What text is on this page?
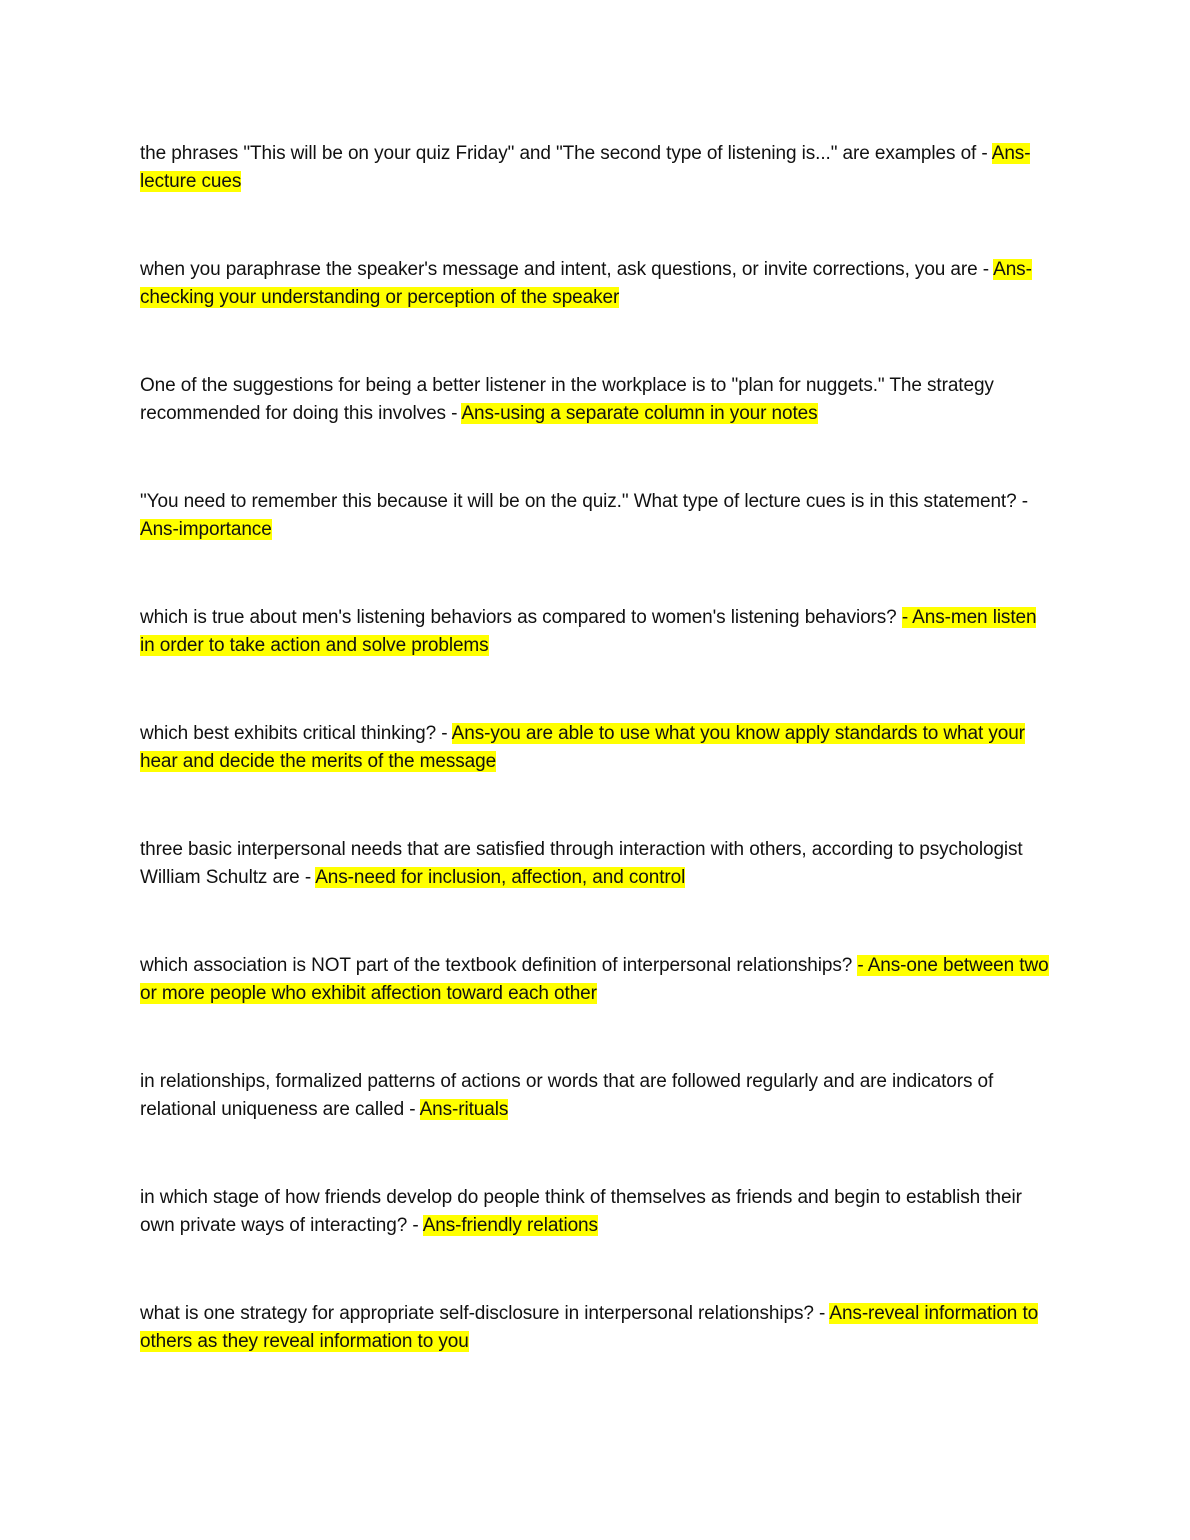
the phrases "This will be on your quiz Friday" and "The second type of listening is..." are examples of - Ans-lecture cues

when you paraphrase the speaker's message and intent, ask questions, or invite corrections, you are - Ans-checking your understanding or perception of the speaker

One of the suggestions for being a better listener in the workplace is to "plan for nuggets." The strategy recommended for doing this involves - Ans-using a separate column in your notes

"You need to remember this because it will be on the quiz." What type of lecture cues is in this statement? - Ans-importance

which is true about men's listening behaviors as compared to women's listening behaviors? - Ans-men listen in order to take action and solve problems

which best exhibits critical thinking? - Ans-you are able to use what you know apply standards to what your hear and decide the merits of the message

three basic interpersonal needs that are satisfied through interaction with others, according to psychologist William Schultz are - Ans-need for inclusion, affection, and control

which association is NOT part of the textbook definition of interpersonal relationships? - Ans-one between two or more people who exhibit affection toward each other

in relationships, formalized patterns of actions or words that are followed regularly and are indicators of relational uniqueness are called - Ans-rituals

in which stage of how friends develop do people think of themselves as friends and begin to establish their own private ways of interacting? - Ans-friendly relations

what is one strategy for appropriate self-disclosure in interpersonal relationships? - Ans-reveal information to others as they reveal information to you
